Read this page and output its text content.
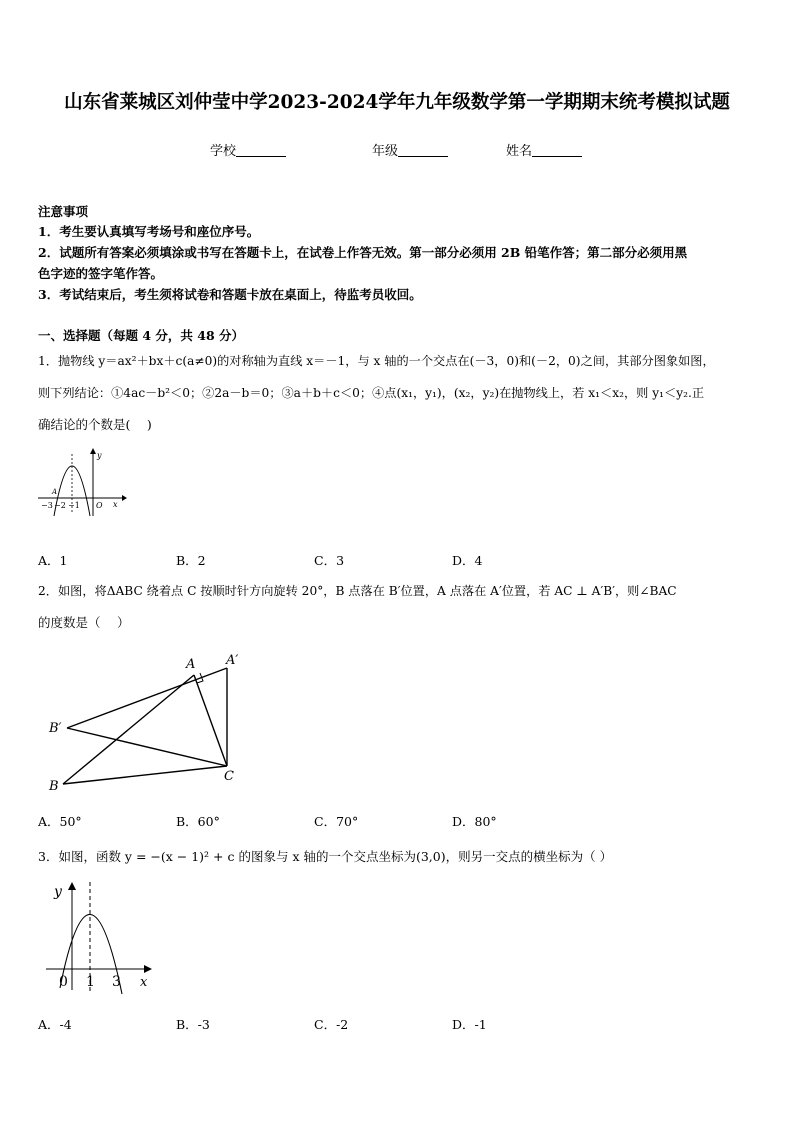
山东省莱城区刘仲莹中学2023-2024学年九年级数学第一学期期末统考模拟试题
学校	年级	姓名
注意事项
1．考生要认真填写考场号和座位序号。
2．试题所有答案必须填涂或书写在答题卡上，在试卷上作答无效。第一部分必须用 2B 铅笔作答；第二部分必须用黑
色字迹的签字笔作答。
3．考试结束后，考生须将试卷和答题卡放在桌面上，待监考员收回。
一、选择题（每题 4 分，共 48 分）
1．抛物线 y＝ax²＋bx＋c(a≠0)的对称轴为直线 x＝－1，与 x 轴的一个交点在(－3，0)和(－2，0)之间，其部分图象如图，
则下列结论：①4ac－b²＜0；②2a－b＝0；③a＋b＋c＜0；④点(x₁，y₁)，(x₂，y₂)在抛物线上，若 x₁＜x₂，则 y₁＜y₂.正
确结论的个数是(　 )
y
x
O
A
−3 −2 −1
A．1	B．2	C．3	D．4
2．如图，将ΔABC 绕着点 C 按顺时针方向旋转 20°，B 点落在 B′位置，A 点落在 A′位置，若 AC ⊥ A′B′，则∠BAC
的度数是（　 ）
A A′
B′
B
C
A．50°	B．60°	C．70°	D．80°
3．如图，函数 y = −(x − 1)² + c 的图象与 x 轴的一个交点坐标为(3,0)，则另一交点的横坐标为（ ）
y
x
0 1 3
A．-4	B．-3	C．-2	D．-1
